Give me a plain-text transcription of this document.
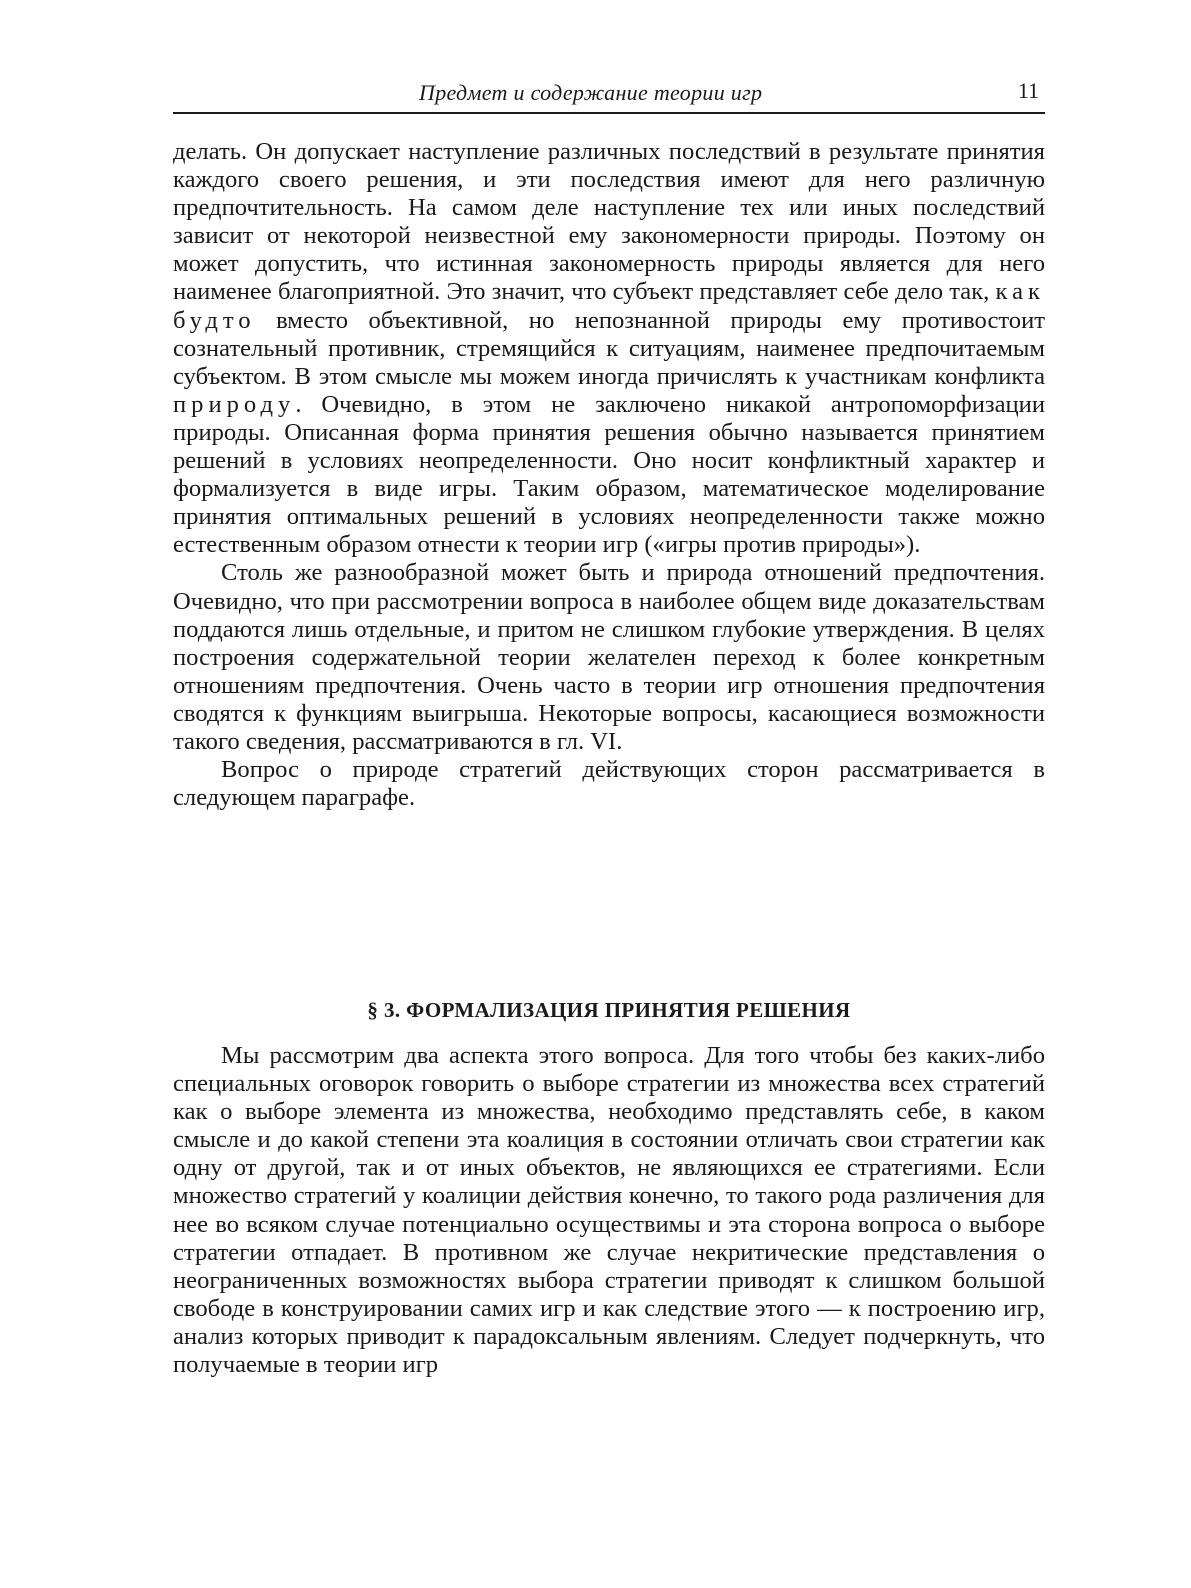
Предмет и содержание теории игр	11

делать. Он допускает наступление различных последствий в результате принятия каждого своего решения, и эти последствия имеют для него различную предпочтительность. На самом деле наступление тех или иных последствий зависит от некоторой неизвестной ему закономерности природы. Поэтому он может допустить, что истинная закономерность природы является для него наименее благоприятной. Это значит, что субъект представляет себе дело так, как будто вместо объективной, но непознанной природы ему противостоит сознательный противник, стремящийся к ситуациям, наименее предпочитаемым субъектом. В этом смысле мы можем иногда причислять к участникам конфликта природу. Очевидно, в этом не заключено никакой антропоморфизации природы. Описанная форма принятия решения обычно называется принятием решений в условиях неопределенности. Оно носит конфликтный характер и формализуется в виде игры. Таким образом, математическое моделирование принятия оптимальных решений в условиях неопределенности также можно естественным образом отнести к теории игр («игры против природы»).

Столь же разнообразной может быть и природа отношений предпочтения. Очевидно, что при рассмотрении вопроса в наиболее общем виде доказательствам поддаются лишь отдельные, и притом не слишком глубокие утверждения. В целях построения содержательной теории желателен переход к более конкретным отношениям предпочтения. Очень часто в теории игр отношения предпочтения сводятся к функциям выигрыша. Некоторые вопросы, касающиеся возможности такого сведения, рассматриваются в гл. VI.

Вопрос о природе стратегий действующих сторон рассматривается в следующем параграфе.

§ 3. ФОРМАЛИЗАЦИЯ ПРИНЯТИЯ РЕШЕНИЯ

Мы рассмотрим два аспекта этого вопроса. Для того чтобы без каких-либо специальных оговорок говорить о выборе стратегии из множества всех стратегий как о выборе элемента из множества, необходимо представлять себе, в каком смысле и до какой степени эта коалиция в состоянии отличать свои стратегии как одну от другой, так и от иных объектов, не являющихся ее стратегиями. Если множество стратегий у коалиции действия конечно, то такого рода различения для нее во всяком случае потенциально осуществимы и эта сторона вопроса о выборе стратегии отпадает. В противном же случае некритические представления о неограниченных возможностях выбора стратегии приводят к слишком большой свободе в конструировании самих игр и как следствие этого — к построению игр, анализ которых приводит к парадоксальным явлениям. Следует подчеркнуть, что получаемые в теории игр
